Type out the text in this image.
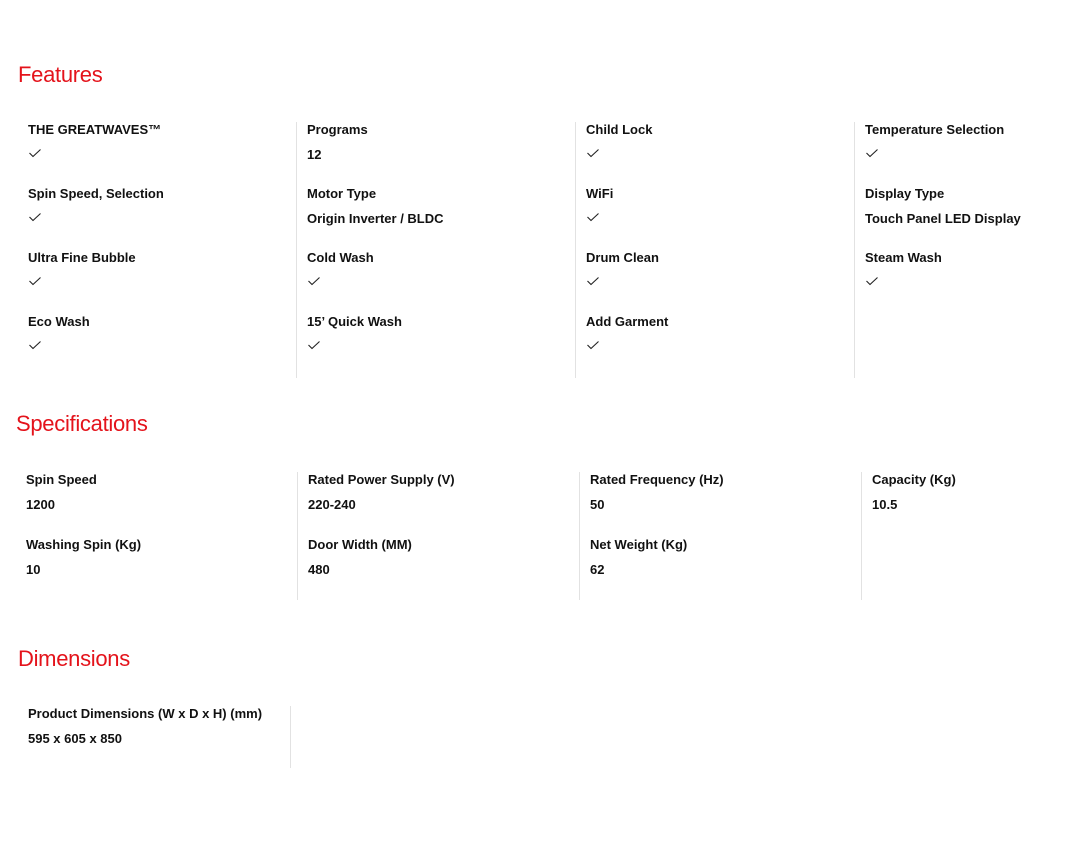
Features
THE GREATWAVES™
Spin Speed, Selection
Ultra Fine Bubble
Eco Wash
Programs
12
Motor Type
Origin Inverter / BLDC
Cold Wash
15’ Quick Wash
Child Lock
WiFi
Drum Clean
Add Garment
Temperature Selection
Display Type
Touch Panel LED Display
Steam Wash
Specifications
Spin Speed
1200
Washing Spin (Kg)
10
Rated Power Supply (V)
220-240
Door Width (MM)
480
Rated Frequency (Hz)
50
Net Weight (Kg)
62
Capacity (Kg)
10.5
Dimensions
Product Dimensions (W x D x H) (mm)
595 x 605 x 850
